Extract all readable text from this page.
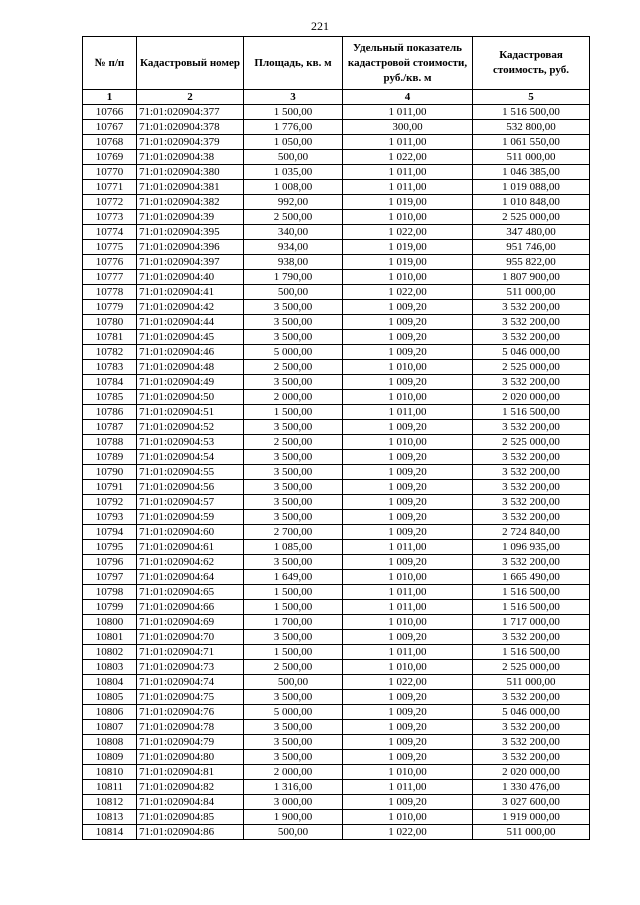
221
№ п/п	Кадастровый номер	Площадь, кв. м	Удельный показатель кадастровой стоимости, руб./кв. м	Кадастровая стоимость, руб.
1	2	3	4	5
10766	71:01:020904:377	1 500,00	1 011,00	1 516 500,00
10767	71:01:020904:378	1 776,00	300,00	532 800,00
10768	71:01:020904:379	1 050,00	1 011,00	1 061 550,00
10769	71:01:020904:38	500,00	1 022,00	511 000,00
10770	71:01:020904:380	1 035,00	1 011,00	1 046 385,00
10771	71:01:020904:381	1 008,00	1 011,00	1 019 088,00
10772	71:01:020904:382	992,00	1 019,00	1 010 848,00
10773	71:01:020904:39	2 500,00	1 010,00	2 525 000,00
10774	71:01:020904:395	340,00	1 022,00	347 480,00
10775	71:01:020904:396	934,00	1 019,00	951 746,00
10776	71:01:020904:397	938,00	1 019,00	955 822,00
10777	71:01:020904:40	1 790,00	1 010,00	1 807 900,00
10778	71:01:020904:41	500,00	1 022,00	511 000,00
10779	71:01:020904:42	3 500,00	1 009,20	3 532 200,00
10780	71:01:020904:44	3 500,00	1 009,20	3 532 200,00
10781	71:01:020904:45	3 500,00	1 009,20	3 532 200,00
10782	71:01:020904:46	5 000,00	1 009,20	5 046 000,00
10783	71:01:020904:48	2 500,00	1 010,00	2 525 000,00
10784	71:01:020904:49	3 500,00	1 009,20	3 532 200,00
10785	71:01:020904:50	2 000,00	1 010,00	2 020 000,00
10786	71:01:020904:51	1 500,00	1 011,00	1 516 500,00
10787	71:01:020904:52	3 500,00	1 009,20	3 532 200,00
10788	71:01:020904:53	2 500,00	1 010,00	2 525 000,00
10789	71:01:020904:54	3 500,00	1 009,20	3 532 200,00
10790	71:01:020904:55	3 500,00	1 009,20	3 532 200,00
10791	71:01:020904:56	3 500,00	1 009,20	3 532 200,00
10792	71:01:020904:57	3 500,00	1 009,20	3 532 200,00
10793	71:01:020904:59	3 500,00	1 009,20	3 532 200,00
10794	71:01:020904:60	2 700,00	1 009,20	2 724 840,00
10795	71:01:020904:61	1 085,00	1 011,00	1 096 935,00
10796	71:01:020904:62	3 500,00	1 009,20	3 532 200,00
10797	71:01:020904:64	1 649,00	1 010,00	1 665 490,00
10798	71:01:020904:65	1 500,00	1 011,00	1 516 500,00
10799	71:01:020904:66	1 500,00	1 011,00	1 516 500,00
10800	71:01:020904:69	1 700,00	1 010,00	1 717 000,00
10801	71:01:020904:70	3 500,00	1 009,20	3 532 200,00
10802	71:01:020904:71	1 500,00	1 011,00	1 516 500,00
10803	71:01:020904:73	2 500,00	1 010,00	2 525 000,00
10804	71:01:020904:74	500,00	1 022,00	511 000,00
10805	71:01:020904:75	3 500,00	1 009,20	3 532 200,00
10806	71:01:020904:76	5 000,00	1 009,20	5 046 000,00
10807	71:01:020904:78	3 500,00	1 009,20	3 532 200,00
10808	71:01:020904:79	3 500,00	1 009,20	3 532 200,00
10809	71:01:020904:80	3 500,00	1 009,20	3 532 200,00
10810	71:01:020904:81	2 000,00	1 010,00	2 020 000,00
10811	71:01:020904:82	1 316,00	1 011,00	1 330 476,00
10812	71:01:020904:84	3 000,00	1 009,20	3 027 600,00
10813	71:01:020904:85	1 900,00	1 010,00	1 919 000,00
10814	71:01:020904:86	500,00	1 022,00	511 000,00
